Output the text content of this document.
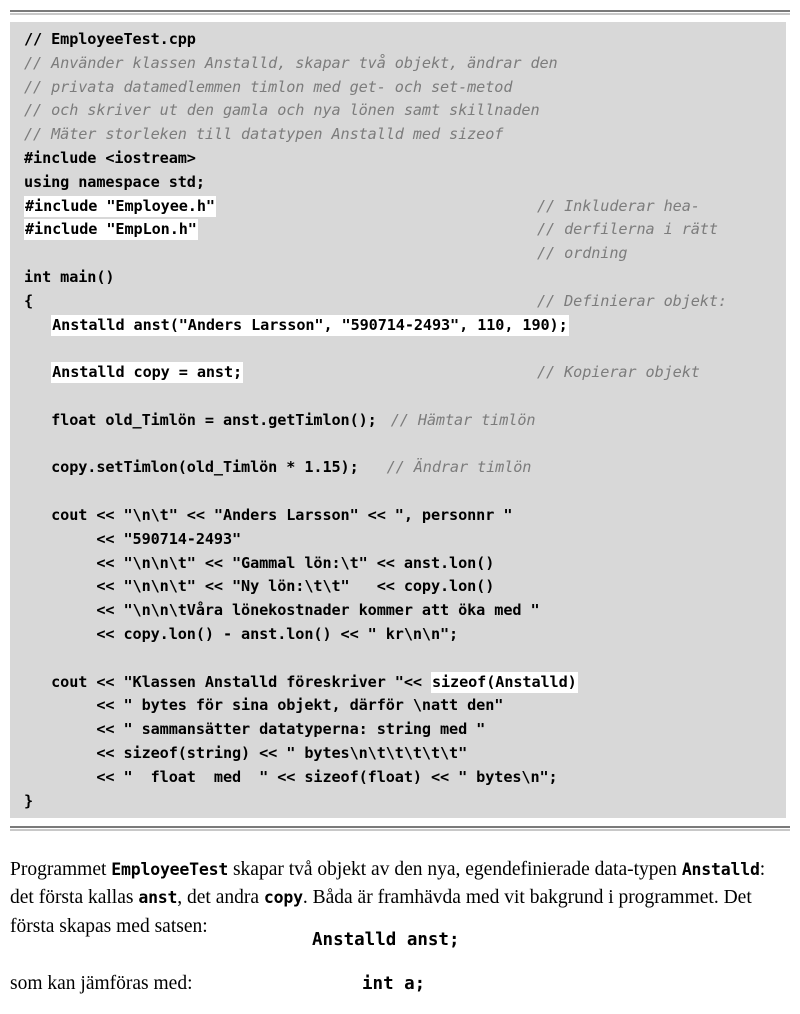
// EmployeeTest.cpp
// Använder klassen Anstalld, skapar två objekt, ändrar den
// privata datamedlemmen timlon med get- och set-metod
// och skriver ut den gamla och nya lönen samt skillnaden
// Mäter storleken till datatypen Anstalld med sizeof
#include <iostream>
using namespace std;
#include "Employee.h"	// Inkluderar hea-
#include "EmpLon.h"	// derfilerna i rätt
// ordning
int main()
{	// Definierar objekt:
Anstalld anst("Anders Larsson", "590714-2493", 110, 190);
Anstalld copy = anst;	// Kopierar objekt
float old_Timlön = anst.getTimlon(); // Hämtar timlön
copy.setTimlon(old_Timlön * 1.15); // Ändrar timlön
cout << "\n\t" << "Anders Larsson" << ", personnr "
<< "590714-2493"
<< "\n\n\t" << "Gammal lön:\t" << anst.lon()
<< "\n\n\t" << "Ny lön:\t\t"   << copy.lon()
<< "\n\n\tVåra lönekostnader kommer att öka med "
<< copy.lon() - anst.lon() << " kr\n\n";
cout << "Klassen Anstalld föreskriver "<< sizeof(Anstalld)
<< " bytes för sina objekt, därför \natt den"
<< " sammansätter datatyperna: string med "
<< sizeof(string) << " bytes\n\t\t\t\t\t"
<< "  float  med  " << sizeof(float) << " bytes\n";
}

Programmet EmployeeTest skapar två objekt av den nya, egendefinierade data-typen Anstalld: det första kallas anst, det andra copy. Båda är framhävda med vit bakgrund i programmet. Det första skapas med satsen:

Anstalld anst;
som kan jämföras med:	int a;
